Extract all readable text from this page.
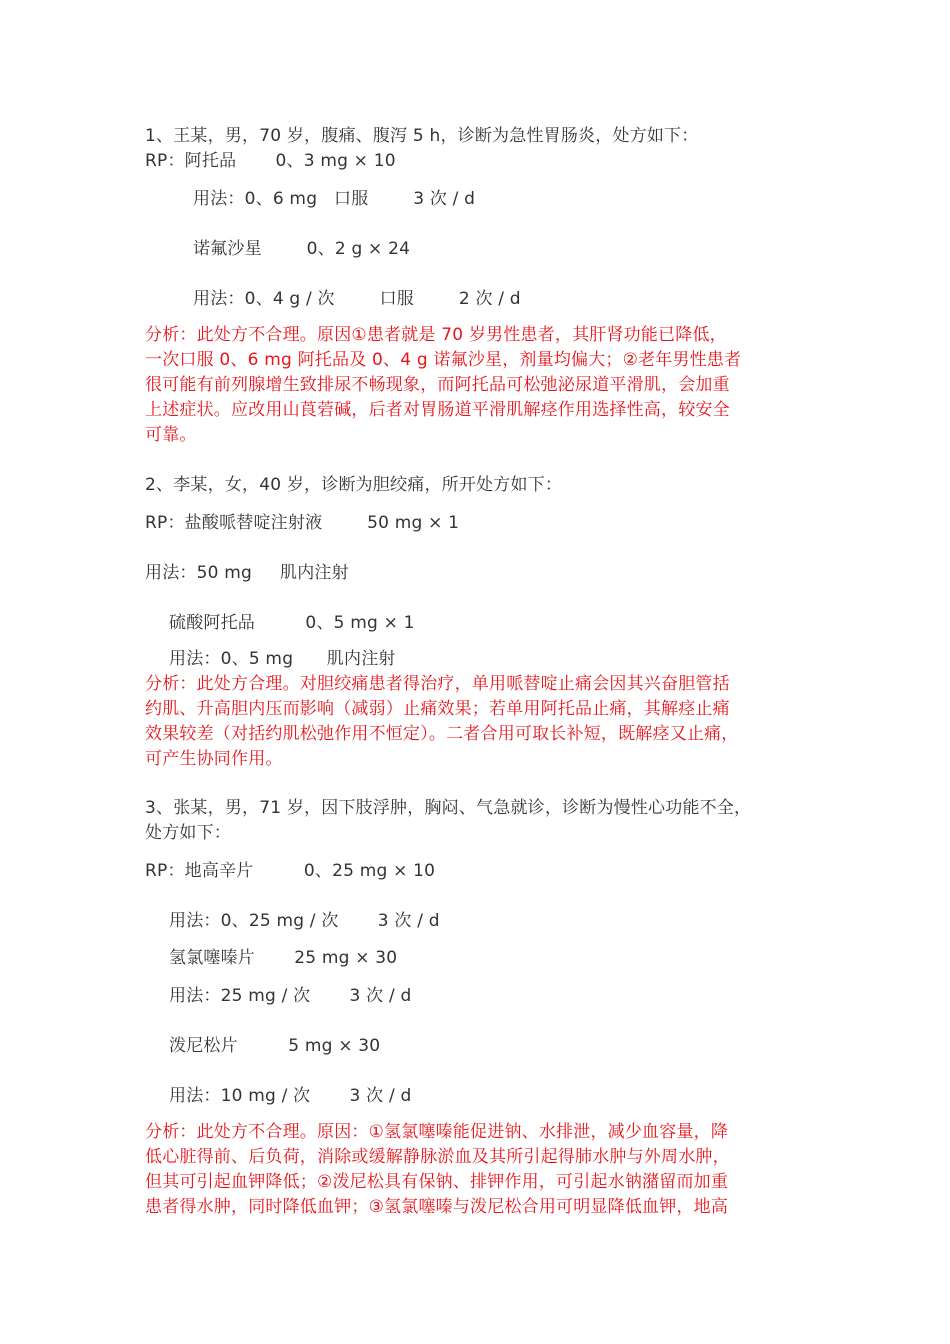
1、王某，男，70 岁，腹痛、腹泻 5 h，诊断为急性胃肠炎，处方如下：
RP：阿托品       0、3 mg × 10
用法：0、6 mg   口服        3 次 / d
诺氟沙星        0、2 g × 24
用法：0、4 g / 次        口服        2 次 / d
分析：此处方不合理。原因①患者就是 70 岁男性患者，其肝肾功能已降低，
一次口服 0、6 mg 阿托品及 0、4 g 诺氟沙星，剂量均偏大；②老年男性患者
很可能有前列腺增生致排尿不畅现象，而阿托品可松弛泌尿道平滑肌，会加重
上述症状。应改用山莨菪碱，后者对胃肠道平滑肌解痉作用选择性高，较安全
可靠。
2、李某，女，40 岁，诊断为胆绞痛，所开处方如下：
RP：盐酸哌替啶注射液        50 mg × 1
用法：50 mg     肌内注射
硫酸阿托品         0、5 mg × 1
用法：0、5 mg      肌内注射
分析：此处方合理。对胆绞痛患者得治疗，单用哌替啶止痛会因其兴奋胆管括
约肌、升高胆内压而影响（减弱）止痛效果；若单用阿托品止痛，其解痉止痛
效果较差（对括约肌松弛作用不恒定）。二者合用可取长补短，既解痉又止痛，
可产生协同作用。
3、张某，男，71 岁，因下肢浮肿，胸闷、气急就诊，诊断为慢性心功能不全，
处方如下：
RP：地高辛片         0、25 mg × 10
用法：0、25 mg / 次       3 次 / d
氢氯噻嗪片       25 mg × 30
用法：25 mg / 次       3 次 / d
泼尼松片         5 mg × 30
用法：10 mg / 次       3 次 / d
分析：此处方不合理。原因：①氢氯噻嗪能促进钠、水排泄，减少血容量，降
低心脏得前、后负荷，消除或缓解静脉淤血及其所引起得肺水肿与外周水肿，
但其可引起血钾降低；②泼尼松具有保钠、排钾作用，可引起水钠潴留而加重
患者得水肿，同时降低血钾；③氢氯噻嗪与泼尼松合用可明显降低血钾，地高
